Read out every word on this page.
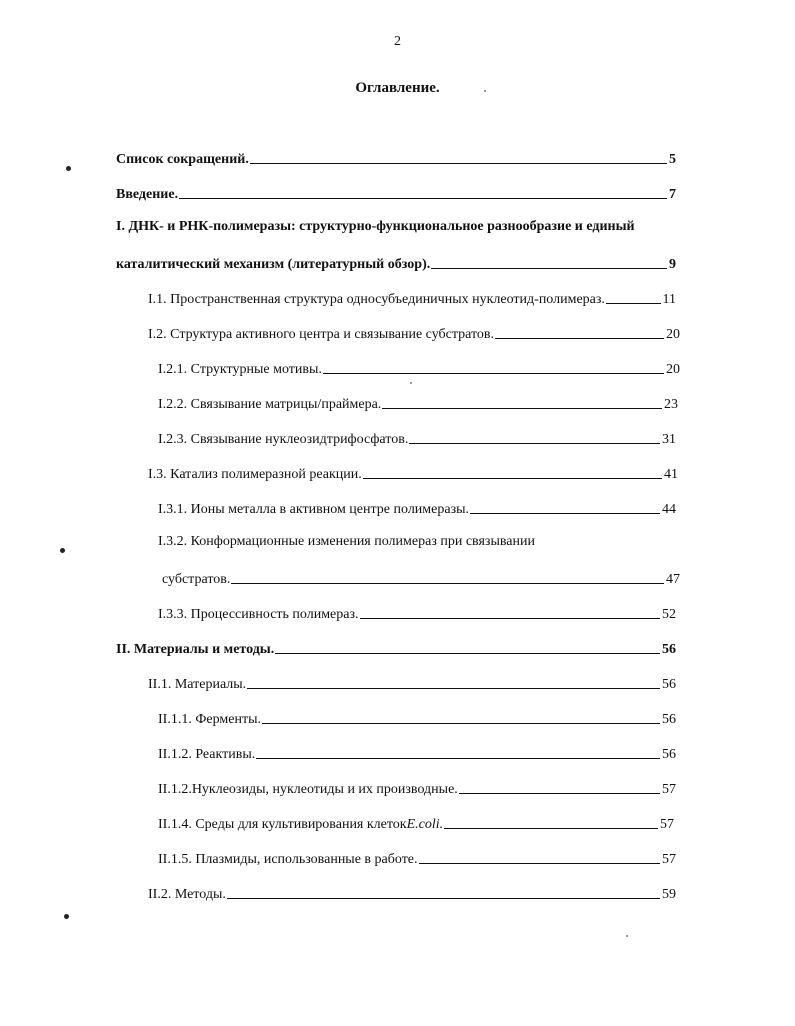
2
Оглавление.
Список сокращений.	5
Введение.	7
I. ДНК- и РНК-полимеразы: структурно-функциональное разнообразие и единый
каталитический механизм (литературный обзор).	9
I.1. Пространственная структура односубъединичных нуклеотид-полимераз.	11
I.2. Структура активного центра и связывание субстратов.	20
I.2.1. Структурные мотивы.	20
I.2.2. Связывание матрицы/праймера.	23
I.2.3. Связывание нуклеозидтрифосфатов.	31
I.3. Катализ полимеразной реакции.	41
I.3.1. Ионы металла в активном центре полимеразы.	44
I.3.2. Конформационные изменения полимераз при связывании
субстратов.	47
I.3.3. Процессивность полимераз.	52
II. Материалы и методы.	56
II.1. Материалы.	56
II.1.1. Ферменты.	56
II.1.2. Реактивы.	56
II.1.2.Нуклеозиды, нуклеотиды и их производные.	57
II.1.4. Среды для культивирования клеток E.coli.	57
II.1.5. Плазмиды, использованные в работе.	57
II.2. Методы.	59
